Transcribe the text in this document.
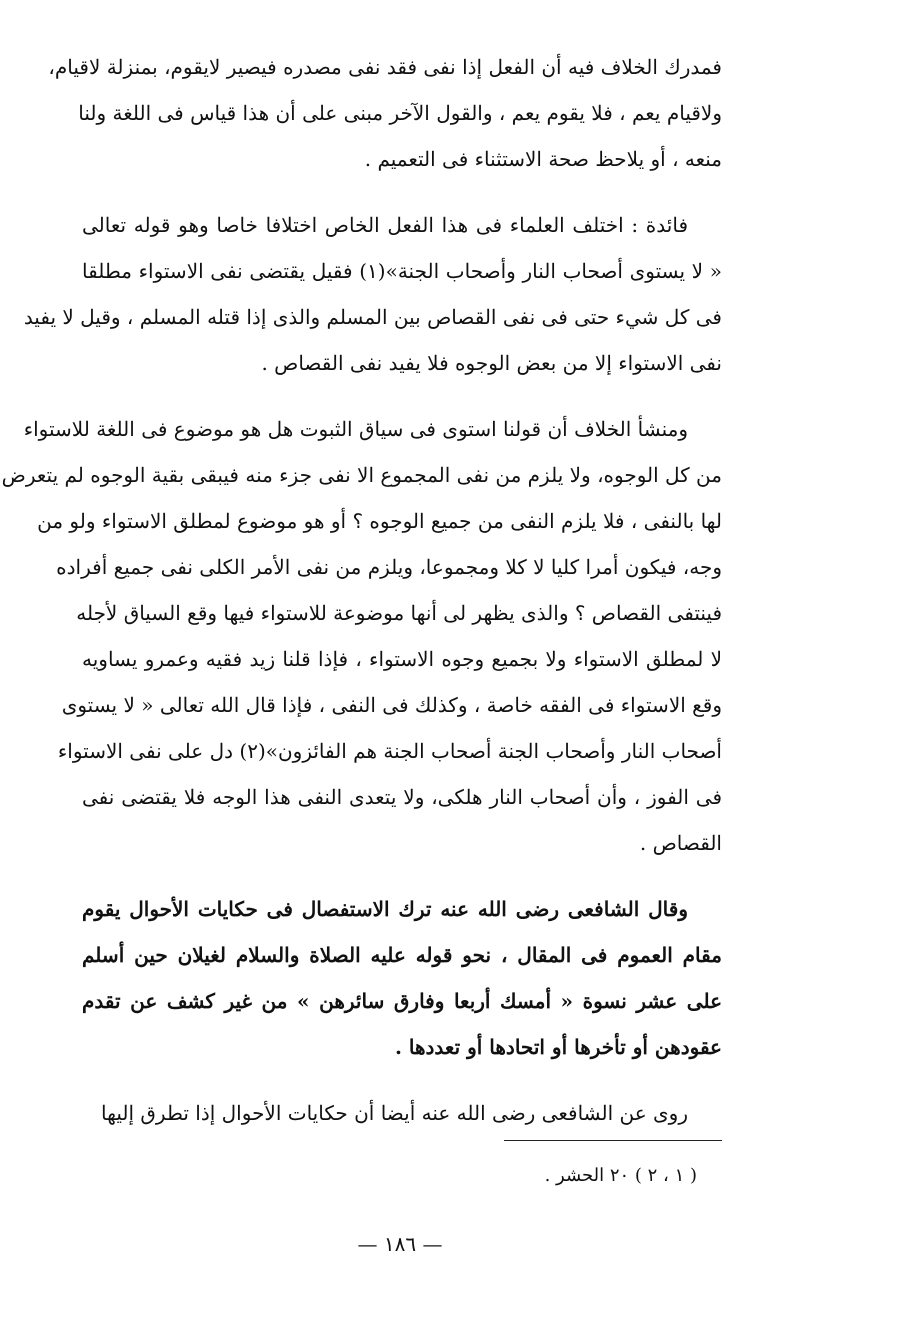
فمدرك الخلاف فيه أن الفعل إذا نفى فقد نفى مصدره فيصير لايقوم، بمنزلة لاقيام،
ولاقيام يعم ، فلا يقوم يعم ، والقول الآخر مبنى على أن هذا قياس فى اللغة ولنا
منعه ، أو يلاحظ صحة الاستثناء فى التعميم .
فائدة : اختلف العلماء فى هذا الفعل الخاص اختلافا خاصا وهو قوله تعالى
« لا يستوى أصحاب النار وأصحاب الجنة»(١) فقيل يقتضى نفى الاستواء مطلقا
فى كل شيء حتى فى نفى القصاص بين المسلم والذى إذا قتله المسلم ، وقيل لا يفيد
نفى الاستواء إلا من بعض الوجوه فلا يفيد نفى القصاص .
ومنشأ الخلاف أن قولنا استوى فى سياق الثبوت هل هو موضوع فى اللغة للاستواء
من كل الوجوه، ولا يلزم من نفى المجموع الا نفى جزء منه فيبقى بقية الوجوه لم يتعرض
لها بالنفى ، فلا يلزم النفى من جميع الوجوه ؟ أو هو موضوع لمطلق الاستواء ولو من
وجه، فيكون أمرا كليا لا كلا ومجموعا، ويلزم من نفى الأمر الكلى نفى جميع أفراده
فينتفى القصاص ؟ والذى يظهر لى أنها موضوعة للاستواء فيها وقع السياق لأجله
لا لمطلق الاستواء ولا بجميع وجوه الاستواء ، فإذا قلنا زيد فقيه وعمرو يساويه
وقع الاستواء فى الفقه خاصة ، وكذلك فى النفى ، فإذا قال الله تعالى « لا يستوى
أصحاب النار وأصحاب الجنة أصحاب الجنة هم الفائزون»(٢) دل على نفى الاستواء
فى الفوز ، وأن أصحاب النار هلكى، ولا يتعدى النفى هذا الوجه فلا يقتضى نفى
القصاص .
وقال الشافعى رضى الله عنه ترك الاستفصال فى حكايات الأحوال يقوم
مقام العموم فى المقال ، نحو قوله عليه الصلاة والسلام لغيلان حين أسلم
على عشر نسوة « أمسك أربعا وفارق سائرهن » من غير كشف عن تقدم
عقودهن أو تأخرها أو اتحادها أو تعددها .
روى عن الشافعى رضى الله عنه أيضا أن حكايات الأحوال إذا تطرق إليها
( ١ ، ٢ ) ٢٠ الحشر .
— ١٨٦ —
